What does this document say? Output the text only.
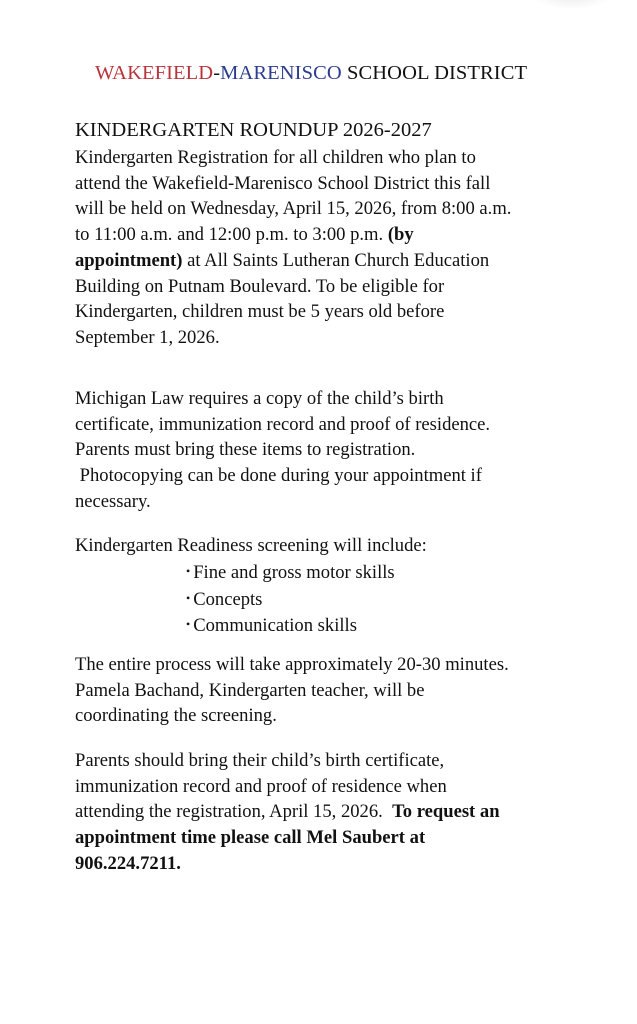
WAKEFIELD-MARENISCO SCHOOL DISTRICT
KINDERGARTEN ROUNDUP 2026-2027

Kindergarten Registration for all children who plan to
attend the Wakefield-Marenisco School District this fall
will be held on Wednesday, April 15, 2026, from 8:00 a.m.
to 11:00 a.m. and 12:00 p.m. to 3:00 p.m. (by
appointment) at All Saints Lutheran Church Education
Building on Putnam Boulevard. To be eligible for
Kindergarten, children must be 5 years old before
September 1, 2026.

Michigan Law requires a copy of the child’s birth
certificate, immunization record and proof of residence.
Parents must bring these items to registration.
Photocopying can be done during your appointment if
necessary.

Kindergarten Readiness screening will include:

• Fine and gross motor skills
• Concepts
• Communication skills

The entire process will take approximately 20-30 minutes.
Pamela Bachand, Kindergarten teacher, will be
coordinating the screening.

Parents should bring their child’s birth certificate,
immunization record and proof of residence when
attending the registration, April 15, 2026.  To request an
appointment time please call Mel Saubert at
906.224.7211.
